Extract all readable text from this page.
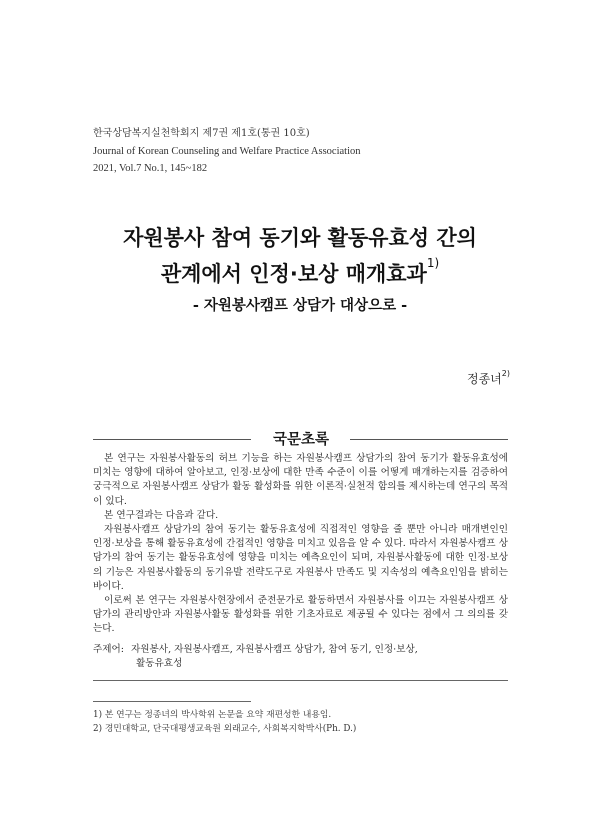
한국상담복지실천학회지 제7권 제1호(통권 10호)
Journal of Korean Counseling and Welfare Practice Association
2021, Vol.7 No.1, 145~182
자원봉사 참여 동기와 활동유효성 간의
관계에서 인정·보상 매개효과$^{1)}$
- 자원봉사캠프 상담가 대상으로 -
정종녀$^{2)}$
국문초록

본 연구는 자원봉사활동의 허브 기능을 하는 자원봉사캠프 상담가의 참여 동기가 활동유효성에 미치는 영향에 대하여 알아보고, 인정·보상에 대한 만족 수준이 이를 어떻게 매개하는지를 검증하여 궁극적으로 자원봉사캠프 상담가 활동 활성화를 위한 이론적·실천적 함의를 제시하는데 연구의 목적이 있다.

본 연구결과는 다음과 같다.

자원봉사캠프 상담가의 참여 동기는 활동유효성에 직접적인 영향을 줄 뿐만 아니라 매개변인인 인정·보상을 통해 활동유효성에 간접적인 영향을 미치고 있음을 알 수 있다. 따라서 자원봉사캠프 상담가의 참여 동기는 활동유효성에 영향을 미치는 예측요인이 되며, 자원봉사활동에 대한 인정·보상의 기능은 자원봉사활동의 동기유발 전략도구로 자원봉사 만족도 및 지속성의 예측요인임을 밝히는 바이다.

이로써 본 연구는 자원봉사현장에서 준전문가로 활동하면서 자원봉사를 이끄는 자원봉사캠프 상담가의 관리방안과 자원봉사활동 활성화를 위한 기초자료로 제공될 수 있다는 점에서 그 의의를 갖는다.

주제어: 자원봉사, 자원봉사캠프, 자원봉사캠프 상담가, 참여 동기, 인정·보상,
활동유효성
1) 본 연구는 정종녀의 박사학위 논문을 요약 재편성한 내용임.
2) 경민대학교, 단국대평생교육원 외래교수, 사회복지학박사(Ph. D.)
